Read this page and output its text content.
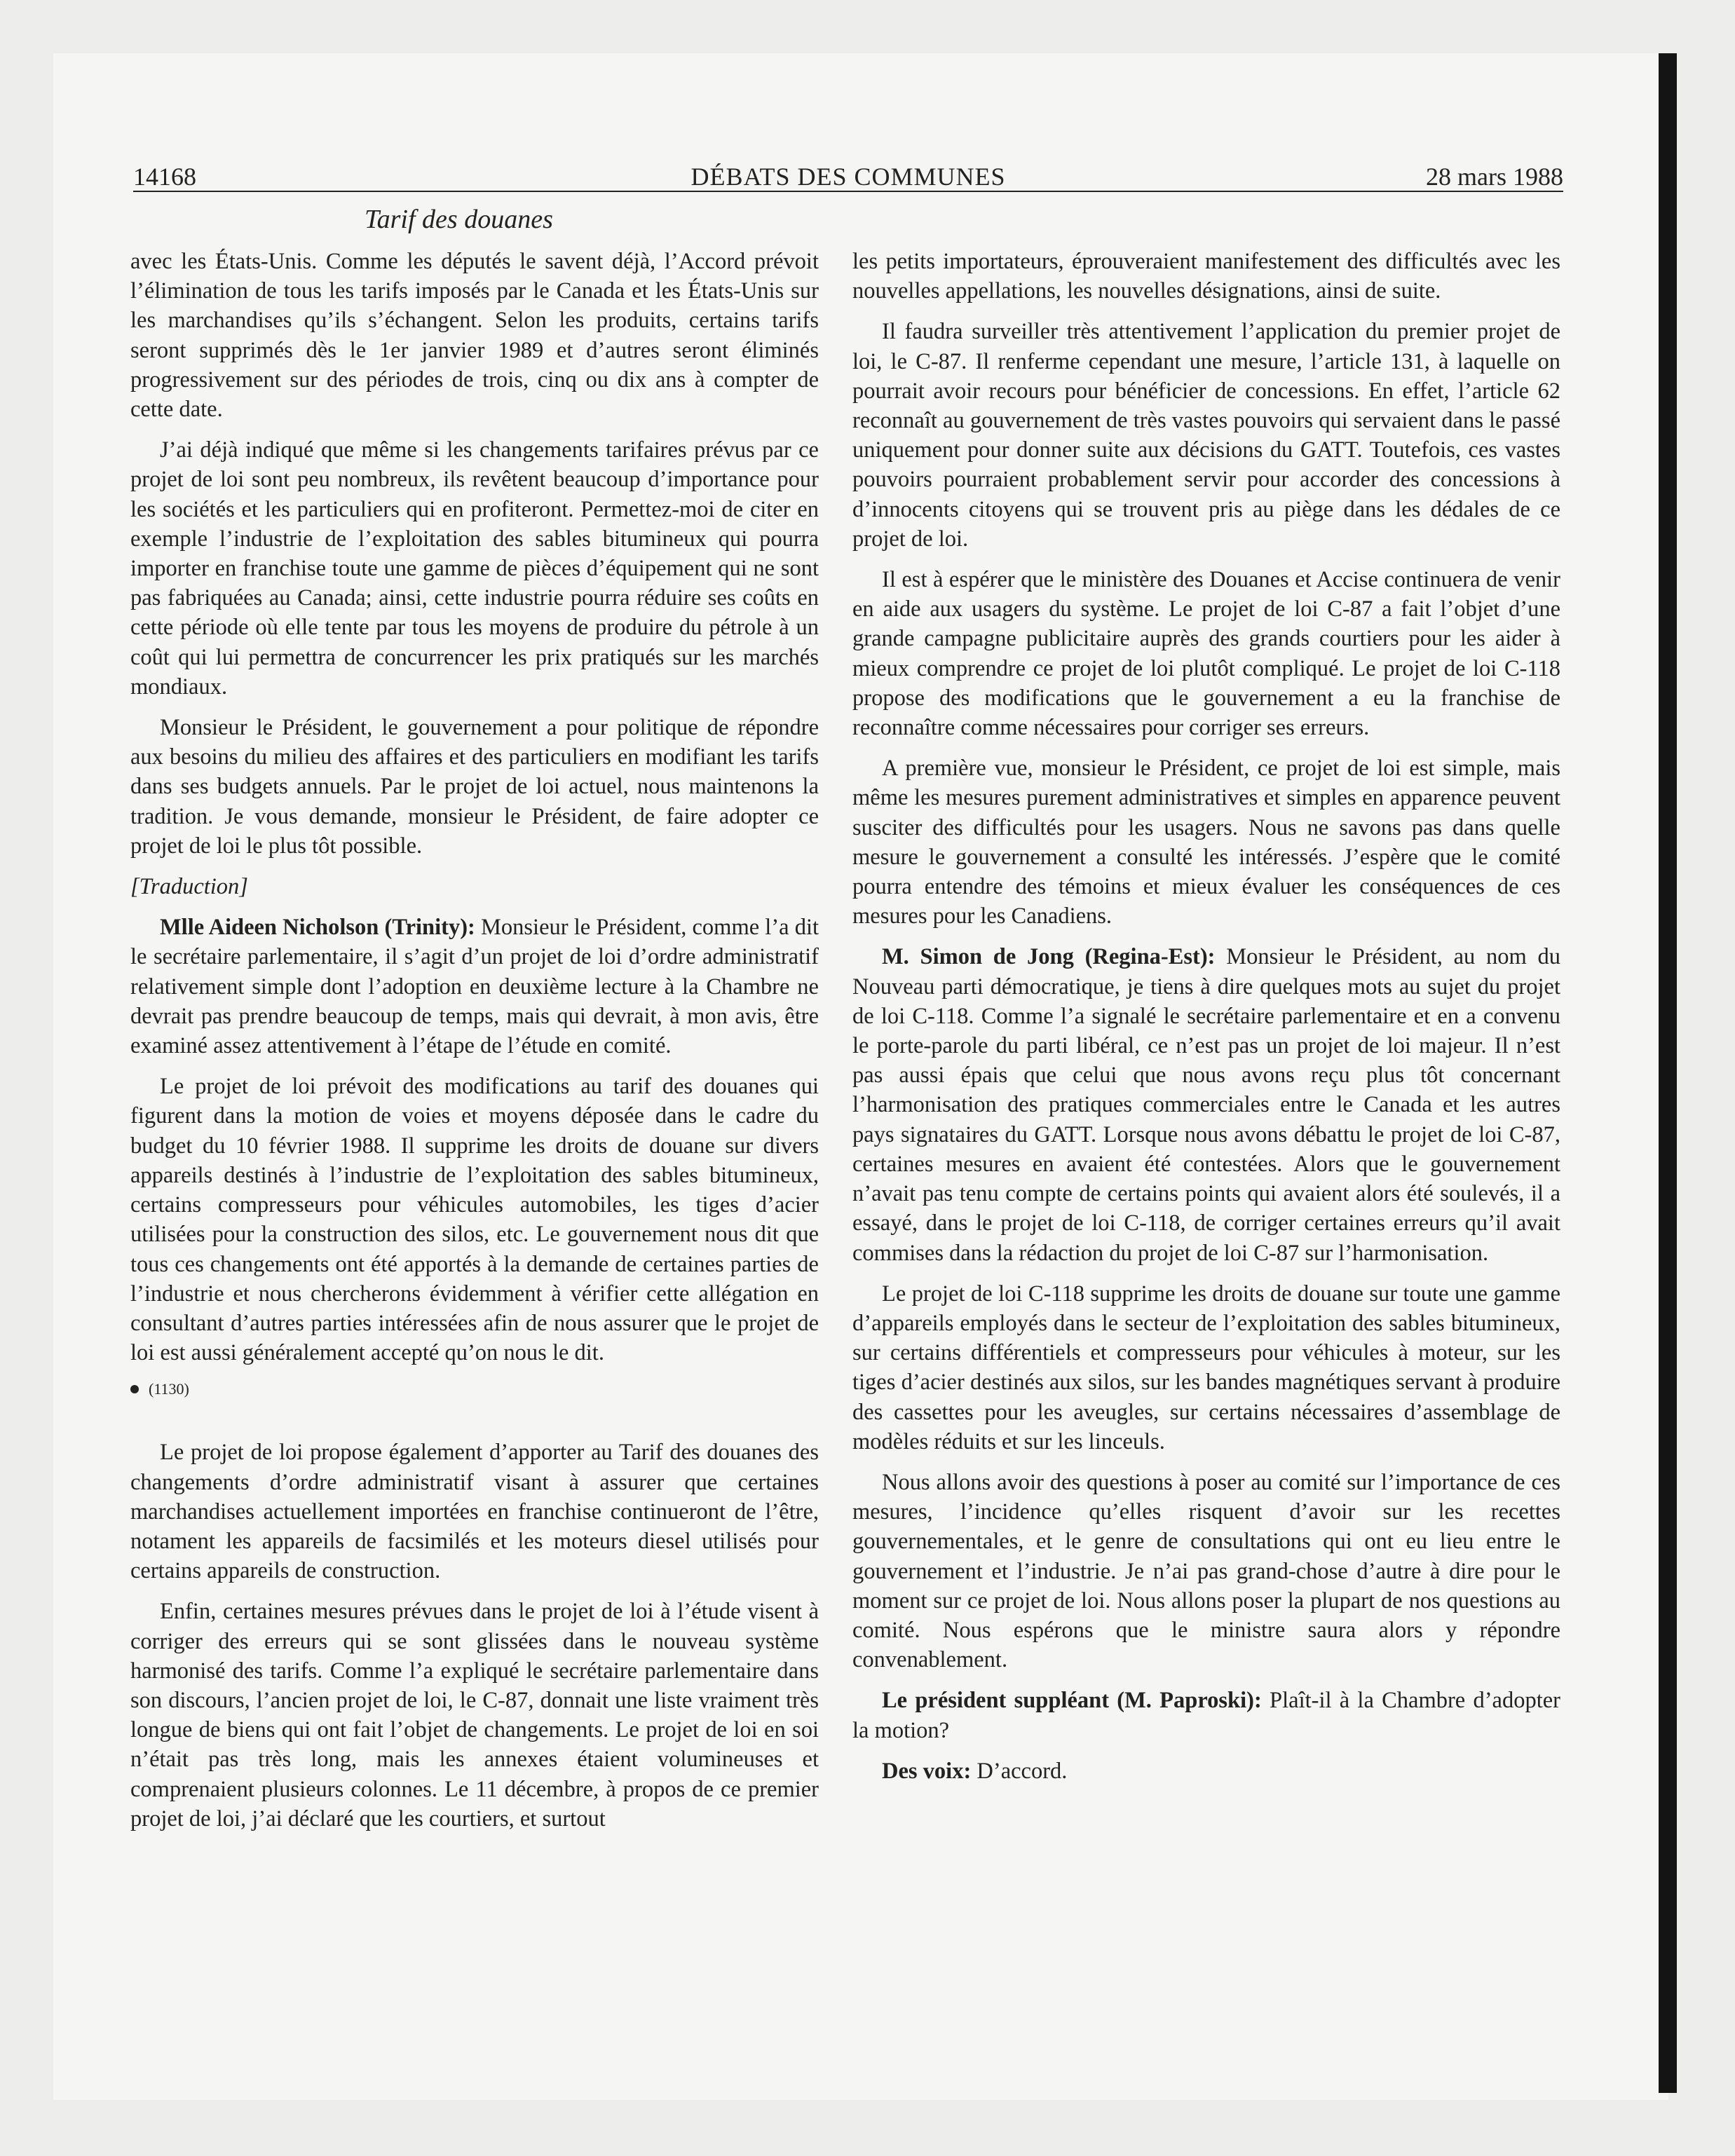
14168	DÉBATS DES COMMUNES	28 mars 1988
Tarif des douanes

avec les États-Unis. Comme les députés le savent déjà, l’Accord prévoit l’élimination de tous les tarifs imposés par le Canada et les États-Unis sur les marchandises qu’ils s’échangent. Selon les produits, certains tarifs seront supprimés dès le 1er janvier 1989 et d’autres seront éliminés progressivement sur des périodes de trois, cinq ou dix ans à compter de cette date.

J’ai déjà indiqué que même si les changements tarifaires prévus par ce projet de loi sont peu nombreux, ils revêtent beaucoup d’importance pour les sociétés et les particuliers qui en profiteront. Permettez-moi de citer en exemple l’industrie de l’exploitation des sables bitumineux qui pourra importer en franchise toute une gamme de pièces d’équipement qui ne sont pas fabriquées au Canada; ainsi, cette industrie pourra réduire ses coûts en cette période où elle tente par tous les moyens de produire du pétrole à un coût qui lui permettra de concurrencer les prix pratiqués sur les marchés mondiaux.

Monsieur le Président, le gouvernement a pour politique de répondre aux besoins du milieu des affaires et des particuliers en modifiant les tarifs dans ses budgets annuels. Par le projet de loi actuel, nous maintenons la tradition. Je vous demande, monsieur le Président, de faire adopter ce projet de loi le plus tôt possible.

[Traduction]

Mlle Aideen Nicholson (Trinity): Monsieur le Président, comme l’a dit le secrétaire parlementaire, il s’agit d’un projet de loi d’ordre administratif relativement simple dont l’adoption en deuxième lecture à la Chambre ne devrait pas prendre beaucoup de temps, mais qui devrait, à mon avis, être examiné assez attentivement à l’étape de l’étude en comité.

Le projet de loi prévoit des modifications au tarif des douanes qui figurent dans la motion de voies et moyens déposée dans le cadre du budget du 10 février 1988. Il supprime les droits de douane sur divers appareils destinés à l’industrie de l’exploitation des sables bitumineux, certains compresseurs pour véhicules automobiles, les tiges d’acier utilisées pour la construction des silos, etc. Le gouvernement nous dit que tous ces changements ont été apportés à la demande de certaines parties de l’industrie et nous chercherons évidemment à vérifier cette allégation en consultant d’autres parties intéressées afin de nous assurer que le projet de loi est aussi généralement accepté qu’on nous le dit.

(1130)

Le projet de loi propose également d’apporter au Tarif des douanes des changements d’ordre administratif visant à assurer que certaines marchandises actuellement importées en franchise continueront de l’être, notament les appareils de facsimilés et les moteurs diesel utilisés pour certains appareils de construction.

Enfin, certaines mesures prévues dans le projet de loi à l’étude visent à corriger des erreurs qui se sont glissées dans le nouveau système harmonisé des tarifs. Comme l’a expliqué le secrétaire parlementaire dans son discours, l’ancien projet de loi, le C-87, donnait une liste vraiment très longue de biens qui ont fait l’objet de changements. Le projet de loi en soi n’était pas très long, mais les annexes étaient volumineuses et comprenaient plusieurs colonnes. Le 11 décembre, à propos de ce premier projet de loi, j’ai déclaré que les courtiers, et surtout

les petits importateurs, éprouveraient manifestement des difficultés avec les nouvelles appellations, les nouvelles désignations, ainsi de suite.

Il faudra surveiller très attentivement l’application du premier projet de loi, le C-87. Il renferme cependant une mesure, l’article 131, à laquelle on pourrait avoir recours pour bénéficier de concessions. En effet, l’article 62 reconnaît au gouvernement de très vastes pouvoirs qui servaient dans le passé uniquement pour donner suite aux décisions du GATT. Toutefois, ces vastes pouvoirs pourraient probablement servir pour accorder des concessions à d’innocents citoyens qui se trouvent pris au piège dans les dédales de ce projet de loi.

Il est à espérer que le ministère des Douanes et Accise continuera de venir en aide aux usagers du système. Le projet de loi C-87 a fait l’objet d’une grande campagne publicitaire auprès des grands courtiers pour les aider à mieux comprendre ce projet de loi plutôt compliqué. Le projet de loi C-118 propose des modifications que le gouvernement a eu la franchise de reconnaître comme nécessaires pour corriger ses erreurs.

A première vue, monsieur le Président, ce projet de loi est simple, mais même les mesures purement administratives et simples en apparence peuvent susciter des difficultés pour les usagers. Nous ne savons pas dans quelle mesure le gouvernement a consulté les intéressés. J’espère que le comité pourra entendre des témoins et mieux évaluer les conséquences de ces mesures pour les Canadiens.

M. Simon de Jong (Regina-Est): Monsieur le Président, au nom du Nouveau parti démocratique, je tiens à dire quelques mots au sujet du projet de loi C-118. Comme l’a signalé le secrétaire parlementaire et en a convenu le porte-parole du parti libéral, ce n’est pas un projet de loi majeur. Il n’est pas aussi épais que celui que nous avons reçu plus tôt concernant l’harmonisation des pratiques commerciales entre le Canada et les autres pays signataires du GATT. Lorsque nous avons débattu le projet de loi C-87, certaines mesures en avaient été contestées. Alors que le gouvernement n’avait pas tenu compte de certains points qui avaient alors été soulevés, il a essayé, dans le projet de loi C-118, de corriger certaines erreurs qu’il avait commises dans la rédaction du projet de loi C-87 sur l’harmonisation.

Le projet de loi C-118 supprime les droits de douane sur toute une gamme d’appareils employés dans le secteur de l’exploitation des sables bitumineux, sur certains différentiels et compresseurs pour véhicules à moteur, sur les tiges d’acier destinés aux silos, sur les bandes magnétiques servant à produire des cassettes pour les aveugles, sur certains nécessaires d’assemblage de modèles réduits et sur les linceuls.

Nous allons avoir des questions à poser au comité sur l’importance de ces mesures, l’incidence qu’elles risquent d’avoir sur les recettes gouvernementales, et le genre de consultations qui ont eu lieu entre le gouvernement et l’industrie. Je n’ai pas grand-chose d’autre à dire pour le moment sur ce projet de loi. Nous allons poser la plupart de nos questions au comité. Nous espérons que le ministre saura alors y répondre convenablement.

Le président suppléant (M. Paproski): Plaît-il à la Chambre d’adopter la motion?

Des voix: D’accord.
